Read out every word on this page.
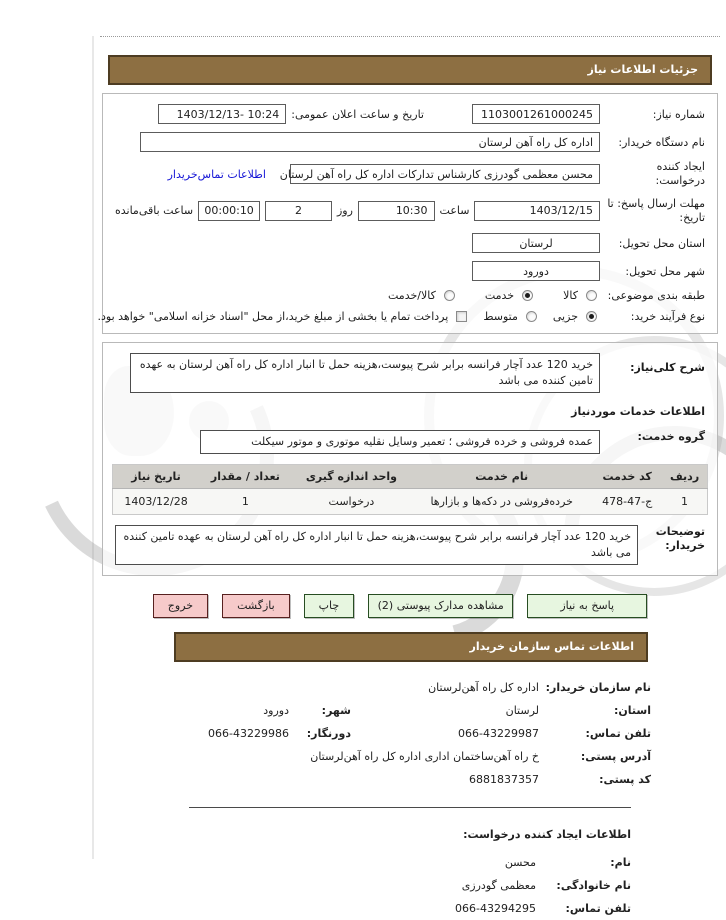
جزئیات اطلاعات نیاز
شماره نیاز:
1103001261000245
تاریخ و ساعت اعلان عمومی:
1403/12/13- 10:24
نام دستگاه خریدار:
اداره کل راه آهن لرستان
ایجاد کننده درخواست:
محسن معظمی گودرزی کارشناس تدارکات اداره کل راه آهن لرستان
اطلاعات تماس‌خریدار
مهلت ارسال پاسخ: تا تاریخ:
1403/12/15
ساعت
10:30
روز
2
00:00:10
ساعت باقی‌مانده
استان محل تحویل:
لرستان
شهر محل تحویل:
دورود
طبقه بندی موضوعی:
کالا
خدمت
کالا/خدمت
نوع فرآیند خرید:
جزیی
متوسط
پرداخت تمام یا بخشی از مبلغ خرید،از محل "اسناد خزانه اسلامی" خواهد بود.
شرح کلی‌نیاز:
خرید 120 عدد آچار فرانسه برابر شرح پیوست،هزینه حمل تا انبار اداره کل راه آهن لرستان به عهده تامین کننده می باشد
اطلاعات خدمات موردنیاز
گروه خدمت:
عمده فروشی و خرده فروشی ؛ تعمیر وسایل نقلیه موتوری و موتور سیکلت
ردیف	کد خدمت	نام خدمت	واحد اندازه گیری	تعداد / مقدار	تاریخ نیاز
1	478-47-ج	خرده‌فروشی در دکه‌ها و بازارها	درخواست	1	1403/12/28
توضیحات خریدار:
خرید 120 عدد آچار فرانسه برابر شرح پیوست،هزینه حمل تا انبار اداره کل راه آهن لرستان به عهده تامین کننده می باشد
پاسخ به نیاز
مشاهده مدارک پیوستی (2)
چاپ
بازگشت
خروج
اطلاعات تماس سازمان خریدار
نام سازمان خریدار:
اداره کل راه آهن‌لرستان
استان:
لرستان
شهر:
دورود
تلفن تماس:
066-43229987
دورنگار:
066-43229986
آدرس پستی:
خ راه آهن‌ساختمان اداری اداره کل راه آهن‌لرستان
کد پستی:
6881837357
اطلاعات ایجاد کننده درخواست:
نام:
محسن
نام خانوادگی:
معظمی گودرزی
تلفن تماس:
066-43294295
